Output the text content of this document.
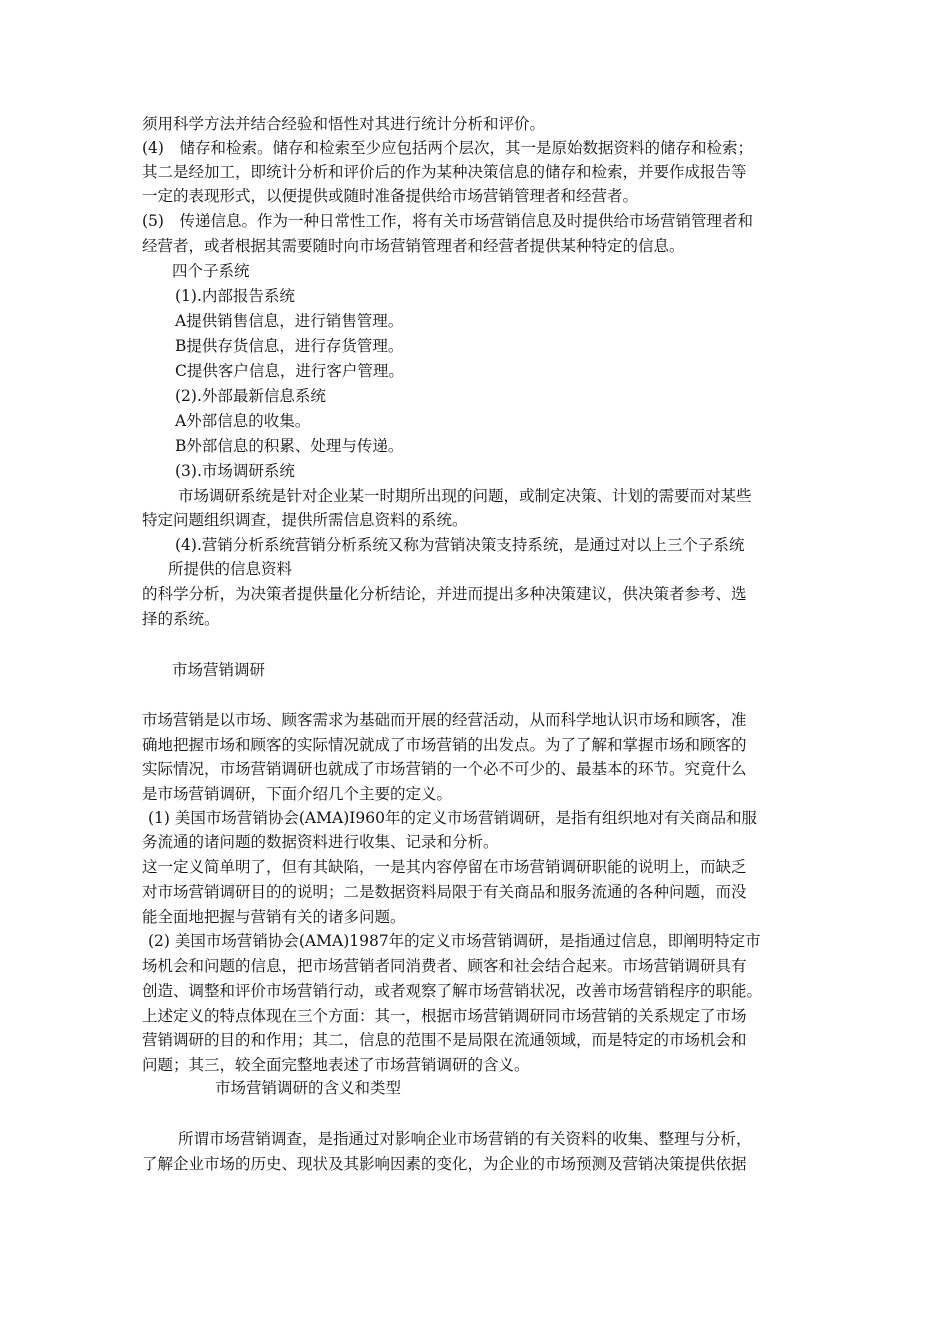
须用科学方法并结合经验和悟性对其进行统计分析和评价。
(4)　储存和检索。储存和检索至少应包括两个层次，其一是原始数据资料的储存和检索；
其二是经加工，即统计分析和评价后的作为某种决策信息的储存和检索，并要作成报告等
一定的表现形式，以便提供或随时准备提供给市场营销管理者和经营者。
(5)　传递信息。作为一种日常性工作，将有关市场营销信息及时提供给市场营销管理者和
经营者，或者根据其需要随时向市场营销管理者和经营者提供某种特定的信息。
四个子系统
(1).内部报告系统
A提供销售信息，进行销售管理。
B提供存货信息，进行存货管理。
C提供客户信息，进行客户管理。
(2).外部最新信息系统
A外部信息的收集。
B外部信息的积累、处理与传递。
(3).市场调研系统
市场调研系统是针对企业某一时期所出现的问题，或制定决策、计划的需要而对某些
特定问题组织调查，提供所需信息资料的系统。
(4).营销分析系统营销分析系统又称为营销决策支持系统，是通过对以上三个子系统
所提供的信息资料
的科学分析，为决策者提供量化分析结论，并进而提出多种决策建议，供决策者参考、选
择的系统。
市场营销调研
市场营销是以市场、顾客需求为基础而开展的经营活动，从而科学地认识市场和顾客，准
确地把握市场和顾客的实际情况就成了市场营销的出发点。为了了解和掌握市场和顾客的
实际情况，市场营销调研也就成了市场营销的一个必不可少的、最基本的环节。究竟什么
是市场营销调研，下面介绍几个主要的定义。
(1) 美国市场营销协会(AMA)I960年的定义市场营销调研，是指有组织地对有关商品和服
务流通的诸问题的数据资料进行收集、记录和分析。
这一定义简单明了，但有其缺陷，一是其内容停留在市场营销调研职能的说明上，而缺乏
对市场营销调研目的的说明；二是数据资料局限于有关商品和服务流通的各种问题，而没
能全面地把握与营销有关的诸多问题。
(2) 美国市场营销协会(AMA)1987年的定义市场营销调研，是指通过信息，即阐明特定市
场机会和问题的信息，把市场营销者同消费者、顾客和社会结合起来。市场营销调研具有
创造、调整和评价市场营销行动，或者观察了解市场营销状况，改善市场营销程序的职能。
上述定义的特点体现在三个方面：其一，根据市场营销调研同市场营销的关系规定了市场
营销调研的目的和作用；其二，信息的范围不是局限在流通领域，而是特定的市场机会和
问题；其三，较全面完整地表述了市场营销调研的含义。
市场营销调研的含义和类型
所谓市场营销调查，是指通过对影响企业市场营销的有关资料的收集、整理与分析，
了解企业市场的历史、现状及其影响因素的变化，为企业的市场预测及营销决策提供依据
